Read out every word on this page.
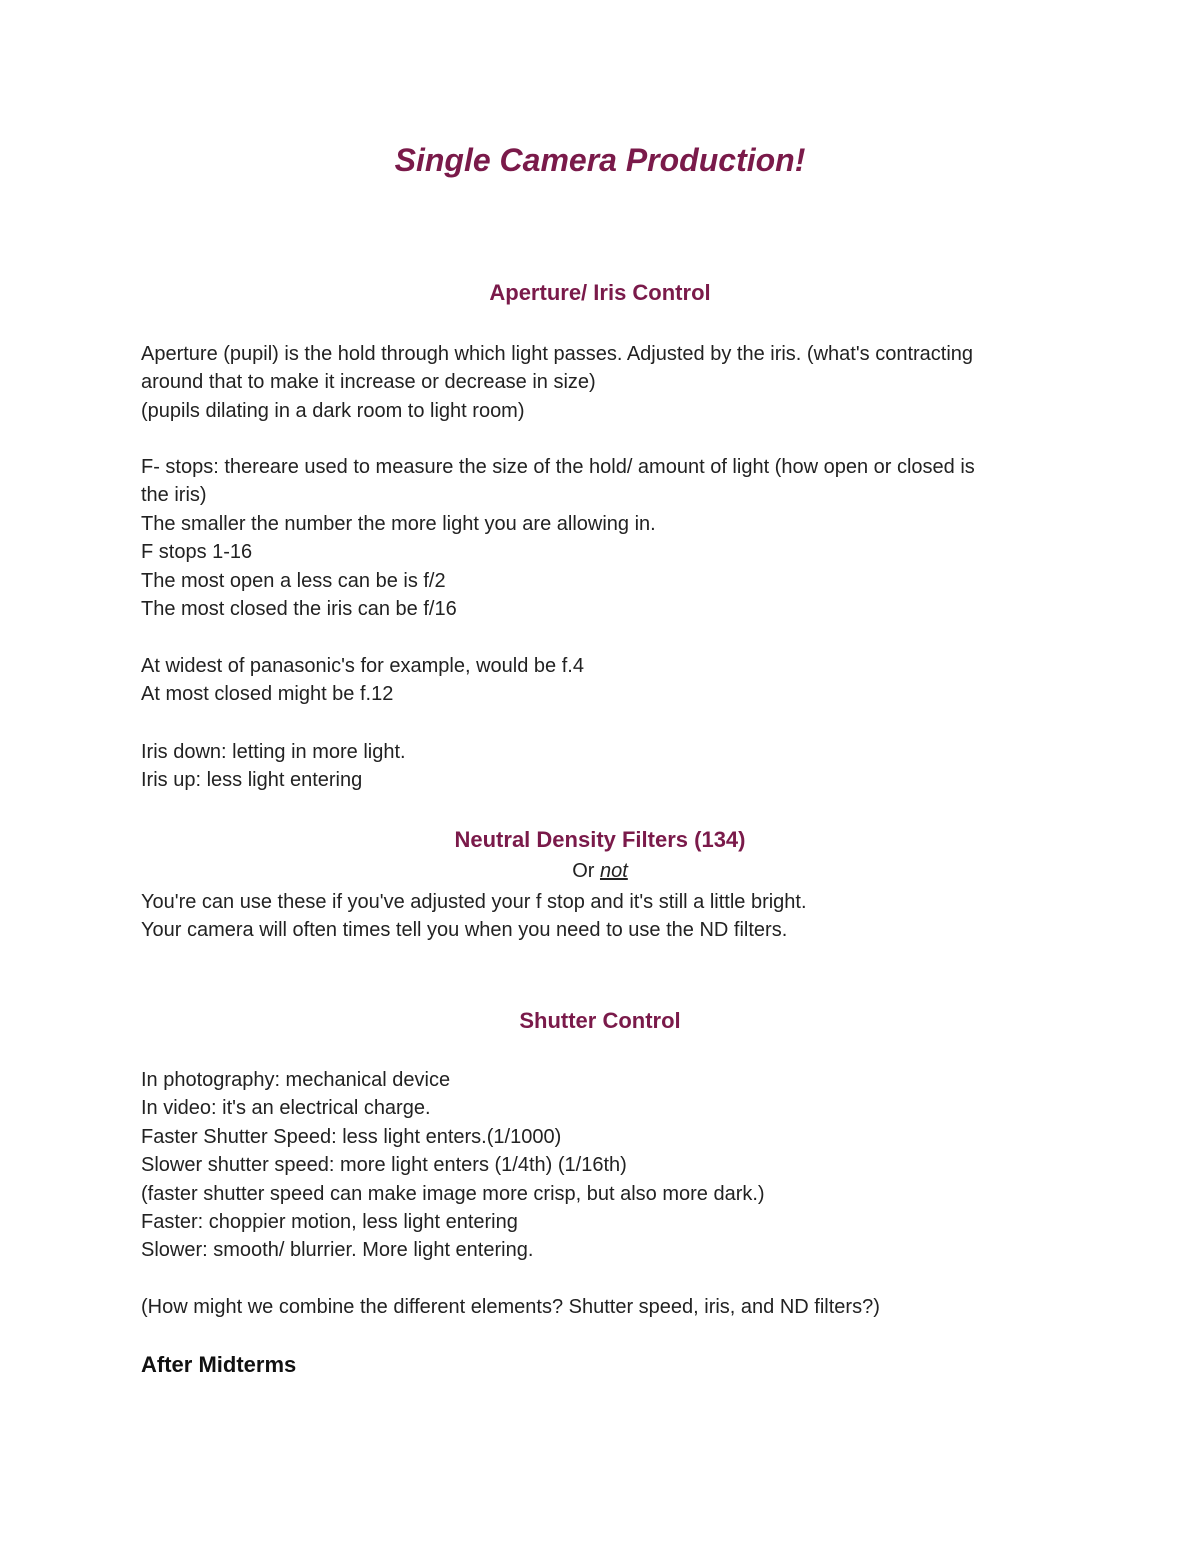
Single Camera Production!
Aperture/ Iris Control

Aperture (pupil) is the hold through which light passes. Adjusted by the iris. (what's contracting

around that to make it increase or decrease in size)

(pupils dilating in a dark room to light room)

F- stops: thereare used to measure the size of the hold/ amount of light (how open or closed is

the iris)

The smaller the number the more light you are allowing in.

F stops 1-16

The most open a less can be is f/2

The most closed the iris can be f/16

At widest of panasonic's for example, would be f.4

At most closed might be f.12

Iris down: letting in more light.

Iris up: less light entering

Neutral Density Filters (134)

Or not

You're can use these if you've adjusted your f stop and it's still a little bright.

Your camera will often times tell you when you need to use the ND filters.

Shutter Control

In photography: mechanical device

In video: it's an electrical charge.

Faster Shutter Speed: less light enters.(1/1000)

Slower shutter speed: more light enters (1/4th) (1/16th)

(faster shutter speed can make image more crisp, but also more dark.)

Faster: choppier motion, less light entering

Slower: smooth/ blurrier. More light entering.

(How might we combine the different elements? Shutter speed, iris, and ND filters?)

After Midterms
